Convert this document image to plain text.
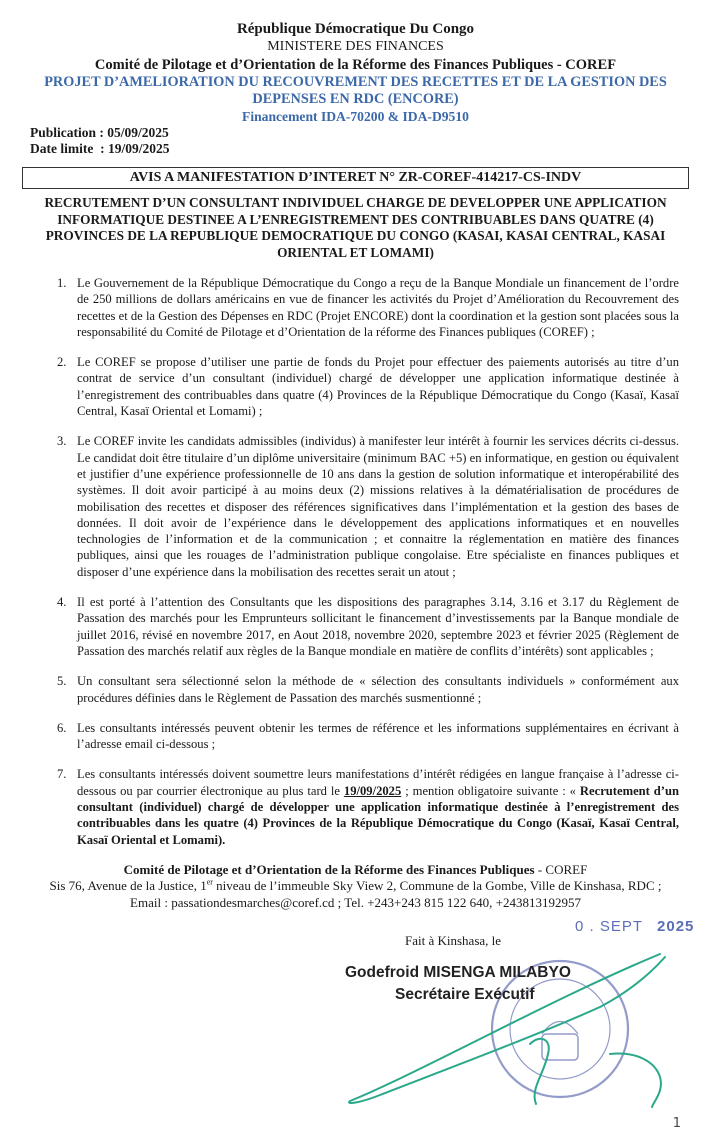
République Démocratique Du Congo
MINISTERE DES FINANCES
Comité de Pilotage et d’Orientation de la Réforme des Finances Publiques - COREF
PROJET D’AMELIORATION DU RECOUVREMENT DES RECETTES ET DE LA GESTION DES DEPENSES EN RDC (ENCORE)
Financement IDA-70200 & IDA-D9510
Publication : 05/09/2025
Date limite  : 19/09/2025
AVIS A MANIFESTATION D’INTERET N° ZR-COREF-414217-CS-INDV
RECRUTEMENT D’UN CONSULTANT INDIVIDUEL CHARGE DE DEVELOPPER UNE APPLICATION INFORMATIQUE DESTINEE A L’ENREGISTREMENT DES CONTRIBUABLES DANS QUATRE (4) PROVINCES DE LA REPUBLIQUE DEMOCRATIQUE DU CONGO (KASAI, KASAI CENTRAL, KASAI ORIENTAL ET LOMAMI)
1. Le Gouvernement de la République Démocratique du Congo a reçu de la Banque Mondiale un financement de l’ordre de 250 millions de dollars américains en vue de financer les activités du Projet d’Amélioration du Recouvrement des recettes et de la Gestion des Dépenses en RDC (Projet ENCORE) dont la coordination et la gestion sont placées sous la responsabilité du Comité de Pilotage et d’Orientation de la réforme des Finances publiques (COREF) ;
2. Le COREF se propose d’utiliser une partie de fonds du Projet pour effectuer des paiements autorisés au titre d’un contrat de service d’un consultant (individuel) chargé de développer une application informatique destinée à l’enregistrement des contribuables dans quatre (4) Provinces de la République Démocratique du Congo (Kasaï, Kasaï Central, Kasaï Oriental et Lomami) ;
3. Le COREF invite les candidats admissibles (individus) à manifester leur intérêt à fournir les services décrits ci-dessus. Le candidat doit être titulaire d’un diplôme universitaire (minimum BAC +5) en informatique, en gestion ou équivalent et justifier d’une expérience professionnelle de 10 ans dans la gestion de solution informatique et interopérabilité des systèmes. Il doit avoir participé à au moins deux (2) missions relatives à la dématérialisation de procédures de mobilisation des recettes et disposer des références significatives dans l’implémentation et la gestion des bases de données. Il doit avoir de l’expérience dans le développement des applications informatiques et en nouvelles technologies de l’information et de la communication ; et connaitre la réglementation en matière des finances publiques, ainsi que les rouages de l’administration publique congolaise. Etre spécialiste en finances publiques et disposer d’une expérience dans la mobilisation des recettes serait un atout ;
4. Il est porté à l’attention des Consultants que les dispositions des paragraphes 3.14, 3.16 et 3.17 du Règlement de Passation des marchés pour les Emprunteurs sollicitant le financement d’investissements par la Banque mondiale de juillet 2016, révisé en novembre 2017, en Aout 2018, novembre 2020, septembre 2023 et février 2025 (Règlement de Passation des marchés relatif aux règles de la Banque mondiale en matière de conflits d’intérêts) sont applicables ;
5. Un consultant sera sélectionné selon la méthode de « sélection des consultants individuels » conformément aux procédures définies dans le Règlement de Passation des marchés susmentionné ;
6. Les consultants intéressés peuvent obtenir les termes de référence et les informations supplémentaires en écrivant à l’adresse email ci-dessous ;
7. Les consultants intéressés doivent soumettre leurs manifestations d’intérêt rédigées en langue française à l’adresse ci-dessous ou par courrier électronique au plus tard le 19/09/2025 ; mention obligatoire suivante : « Recrutement d’un consultant (individuel) chargé de développer une application informatique destinée à l’enregistrement des contribuables dans les quatre (4) Provinces de la République Démocratique du Congo (Kasaï, Kasaï Central, Kasaï Oriental et Lomami).
Comité de Pilotage et d’Orientation de la Réforme des Finances Publiques - COREF
Sis 76, Avenue de la Justice, 1er niveau de l’immeuble Sky View 2, Commune de la Gombe, Ville de Kinshasa, RDC ;
Email : passationdesmarches@coref.cd ; Tel. +243+243 815 122 640, +243813192957
Fait à Kinshasa, le
0 . SEPT 2025
Godefroid MISENGA MILABYO
Secrétaire Exécutif
1
